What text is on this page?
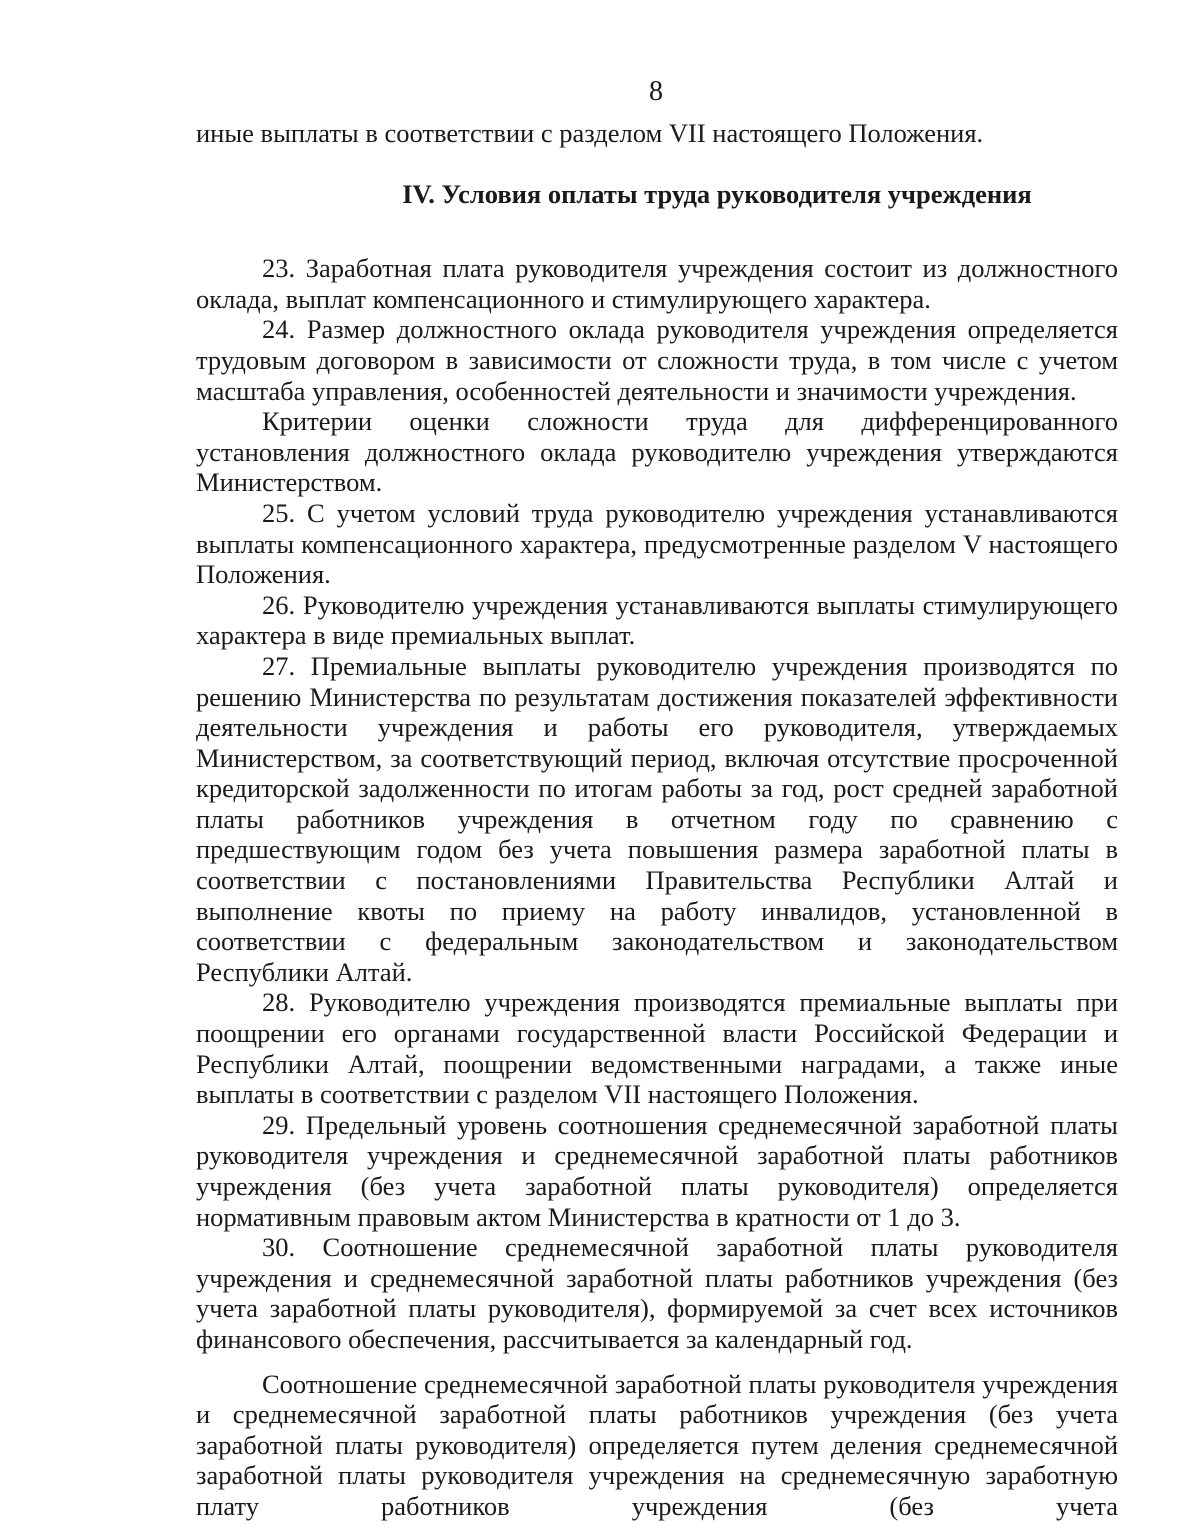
8

иные выплаты в соответствии с разделом VII настоящего Положения.

IV. Условия оплаты труда руководителя учреждения

23. Заработная плата руководителя учреждения состоит из должностного оклада, выплат компенсационного и стимулирующего характера.

24. Размер должностного оклада руководителя учреждения определяется трудовым договором в зависимости от сложности труда, в том числе с учетом масштаба управления, особенностей деятельности и значимости учреждения.

Критерии оценки сложности труда для дифференцированного установления должностного оклада руководителю учреждения утверждаются Министерством.

25. С учетом условий труда руководителю учреждения устанавливаются выплаты компенсационного характера, предусмотренные разделом V настоящего Положения.

26. Руководителю учреждения устанавливаются выплаты стимулирующего характера в виде премиальных выплат.

27. Премиальные выплаты руководителю учреждения производятся по решению Министерства по результатам достижения показателей эффективности деятельности учреждения и работы его руководителя, утверждаемых Министерством, за соответствующий период, включая отсутствие просроченной кредиторской задолженности по итогам работы за год, рост средней заработной платы работников учреждения в отчетном году по сравнению с предшествующим годом без учета повышения размера заработной платы в соответствии с постановлениями Правительства Республики Алтай и выполнение квоты по приему на работу инвалидов, установленной в соответствии с федеральным законодательством и законодательством Республики Алтай.

28. Руководителю учреждения производятся премиальные выплаты при поощрении его органами государственной власти Российской Федерации и Республики Алтай, поощрении ведомственными наградами, а также иные выплаты в соответствии с разделом VII настоящего Положения.

29. Предельный уровень соотношения среднемесячной заработной платы руководителя учреждения и среднемесячной заработной платы работников учреждения (без учета заработной платы руководителя) определяется нормативным правовым актом Министерства в кратности от 1 до 3.

30. Соотношение среднемесячной заработной платы руководителя учреждения и среднемесячной заработной платы работников учреждения (без учета заработной платы руководителя), формируемой за счет всех источников финансового обеспечения, рассчитывается за календарный год.

Соотношение среднемесячной заработной платы руководителя учреждения и среднемесячной заработной платы работников учреждения (без учета заработной платы руководителя) определяется путем деления среднемесячной заработной платы руководителя учреждения на среднемесячную заработную плату работников учреждения (без учета
